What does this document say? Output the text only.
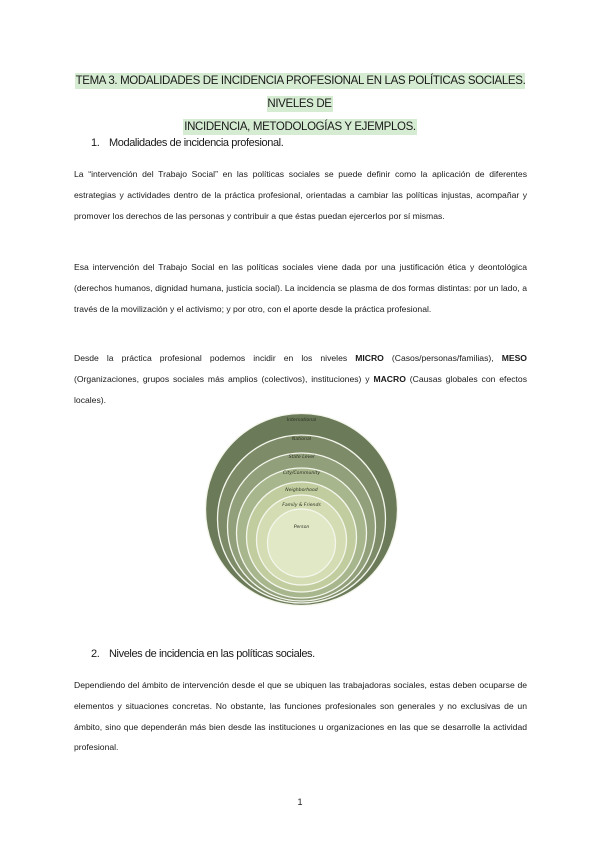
TEMA 3. MODALIDADES DE INCIDENCIA PROFESIONAL EN LAS POLÍTICAS SOCIALES. NIVELES DE
INCIDENCIA, METODOLOGÍAS Y EJEMPLOS.
1. Modalidades de incidencia profesional.
La “intervención del Trabajo Social” en las políticas sociales se puede definir como la aplicación de diferentes estrategias y actividades dentro de la práctica profesional, orientadas a cambiar las políticas injustas, acompañar y promover los derechos de las personas y contribuir a que éstas puedan ejercerlos por sí mismas.
Esa intervención del Trabajo Social en las políticas sociales viene dada por una justificación ética y deontológica (derechos humanos, dignidad humana, justicia social). La incidencia se plasma de dos formas distintas: por un lado, a través de la movilización y el activismo; y por otro, con el aporte desde la práctica profesional.
Desde la práctica profesional podemos incidir en los niveles MICRO (Casos/personas/familias), MESO (Organizaciones, grupos sociales más amplios (colectivos), instituciones) y MACRO (Causas globales con efectos locales).
International
National
State Level
City/Community
Neighborhood
Family & Friends
Person
2. Niveles de incidencia en las políticas sociales.
Dependiendo del ámbito de intervención desde el que se ubiquen las trabajadoras sociales, estas deben ocuparse de elementos y situaciones concretas. No obstante, las funciones profesionales son generales y no exclusivas de un ámbito, sino que dependerán más bien desde las instituciones u organizaciones en las que se desarrolle la actividad profesional.
1
